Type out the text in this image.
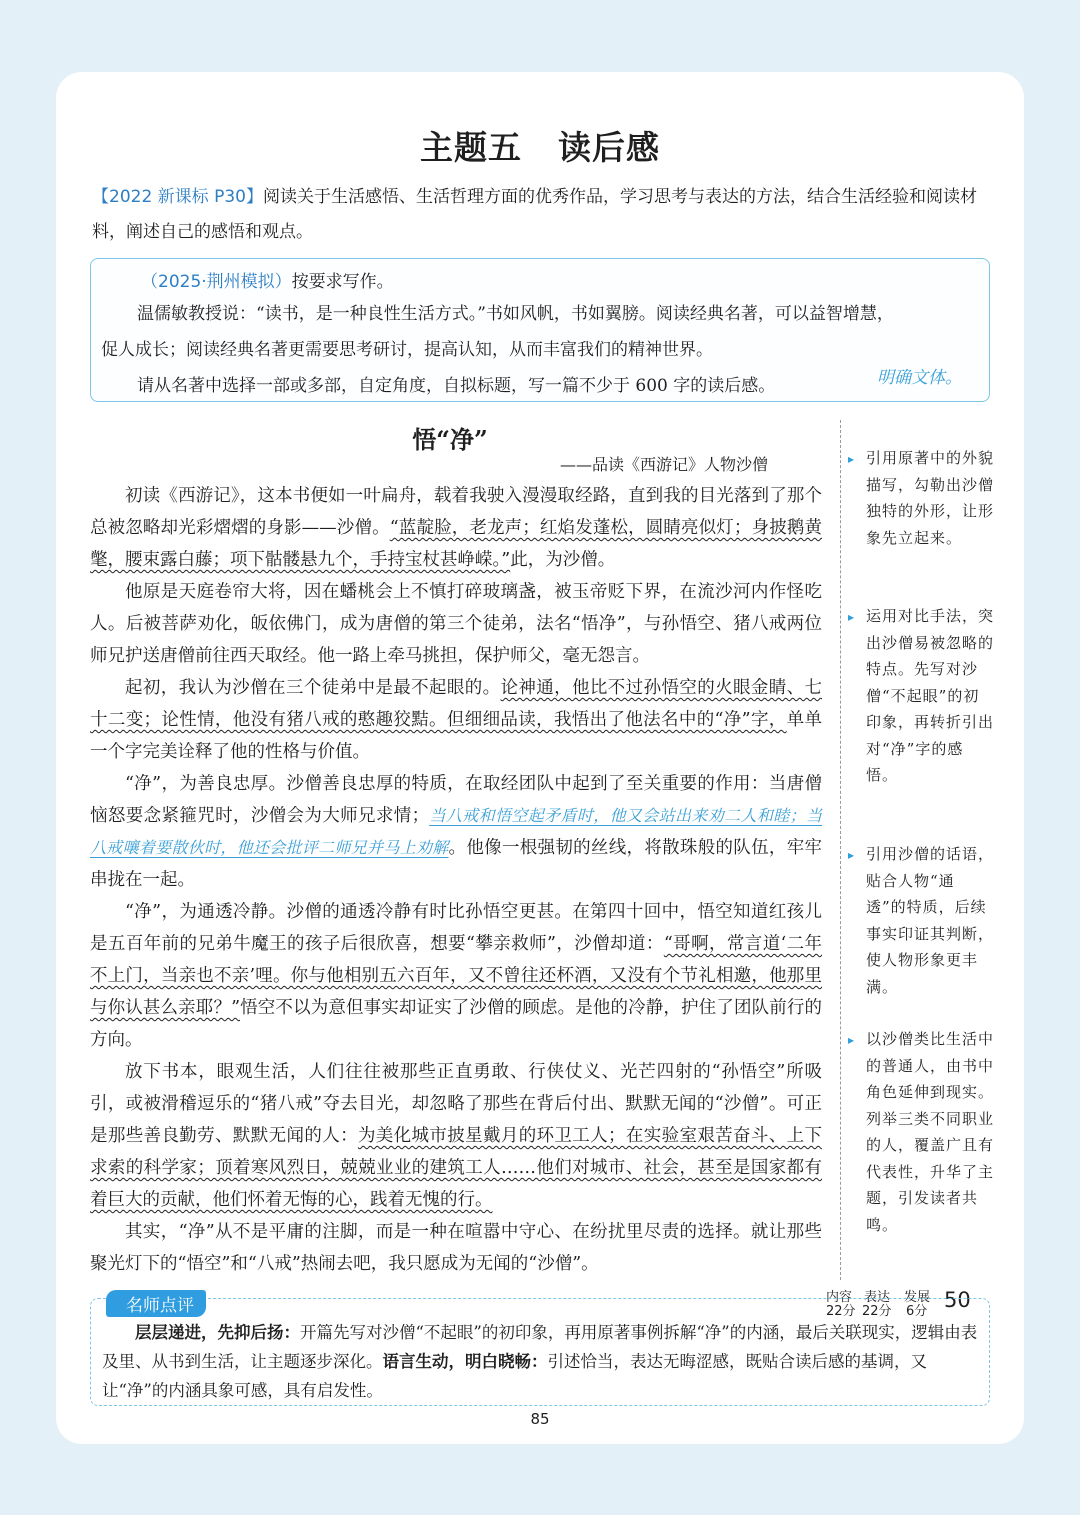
主题五 读后感
【2022 新课标 P30】阅读关于生活感悟、生活哲理方面的优秀作品，学习思考与表达的方法，结合生活经验和阅读材料，阐述自己的感悟和观点。

（2025·荆州模拟）按要求写作。

温儒敏教授说：“读书，是一种良性生活方式。”书如风帆，书如翼膀。阅读经典名著，可以益智增慧，

促人成长；阅读经典名著更需要思考研讨，提高认知，从而丰富我们的精神世界。

请从名著中选择一部或多部，自定角度，自拟标题，写一篇不少于 600 字的读后感。	明确文体。

悟“净”
——品读《西游记》人物沙僧

初读《西游记》，这本书便如一叶扁舟，载着我驶入漫漫取经路，直到我的目光落到了那个总被忽略却光彩熠熠的身影——沙僧。“蓝靛脸，老龙声；红焰发蓬松，圆睛亮似灯；身披鹅黄氅，腰束露白藤；项下骷髅悬九个，手持宝杖甚峥嵘。”此，为沙僧。

他原是天庭卷帘大将，因在蟠桃会上不慎打碎玻璃盏，被玉帝贬下界，在流沙河内作怪吃人。后被菩萨劝化，皈依佛门，成为唐僧的第三个徒弟，法名“悟净”，与孙悟空、猪八戒两位师兄护送唐僧前往西天取经。他一路上牵马挑担，保护师父，毫无怨言。

起初，我认为沙僧在三个徒弟中是最不起眼的。论神通，他比不过孙悟空的火眼金睛、七十二变；论性情，他没有猪八戒的憨趣狡黠。但细细品读，我悟出了他法名中的“净”字，单单一个字完美诠释了他的性格与价值。

“净”，为善良忠厚。沙僧善良忠厚的特质，在取经团队中起到了至关重要的作用：当唐僧恼怒要念紧箍咒时，沙僧会为大师兄求情；当八戒和悟空起矛盾时，他又会站出来劝二人和睦；当八戒嚷着要散伙时，他还会批评二师兄并马上劝解。他像一根强韧的丝线，将散珠般的队伍，牢牢串拢在一起。

“净”，为通透冷静。沙僧的通透冷静有时比孙悟空更甚。在第四十回中，悟空知道红孩儿是五百年前的兄弟牛魔王的孩子后很欣喜，想要“攀亲救师”，沙僧却道：“哥啊，常言道‘二年不上门，当亲也不亲’哩。你与他相别五六百年，又不曾往还杯酒，又没有个节礼相邀，他那里与你认甚么亲耶？”悟空不以为意但事实却证实了沙僧的顾虑。是他的冷静，护住了团队前行的方向。

放下书本，眼观生活，人们往往被那些正直勇敢、行侠仗义、光芒四射的“孙悟空”所吸引，或被滑稽逗乐的“猪八戒”夺去目光，却忽略了那些在背后付出、默默无闻的“沙僧”。可正是那些善良勤劳、默默无闻的人：为美化城市披星戴月的环卫工人；在实验室艰苦奋斗、上下求索的科学家；顶着寒风烈日，兢兢业业的建筑工人……他们对城市、社会，甚至是国家都有着巨大的贡献，他们怀着无悔的心，践着无愧的行。

其实，“净”从不是平庸的注脚，而是一种在喧嚣中守心、在纷扰里尽责的选择。就让那些聚光灯下的“悟空”和“八戒”热闹去吧，我只愿成为无闻的“沙僧”。

▸ 引用原著中的外貌描写，勾勒出沙僧独特的外形，让形象先立起来。
▸ 运用对比手法，突出沙僧易被忽略的特点。先写对沙僧“不起眼”的初印象，再转折引出对“净”字的感悟。
▸ 引用沙僧的话语，贴合人物“通透”的特质，后续事实印证其判断，使人物形象更丰满。
▸ 以沙僧类比生活中的普通人，由书中角色延伸到现实。列举三类不同职业的人，覆盖广且有代表性，升华了主题，引发读者共鸣。
内容
22分
表达
22分
发展
6分 50
名师点评
层层递进，先抑后扬：开篇先写对沙僧“不起眼”的初印象，再用原著事例拆解“净”的内涵，最后关联现实，逻辑由表及里、从书到生活，让主题逐步深化。语言生动，明白晓畅：引述恰当，表达无晦涩感，既贴合读后感的基调，又让“净”的内涵具象可感，具有启发性。
85
